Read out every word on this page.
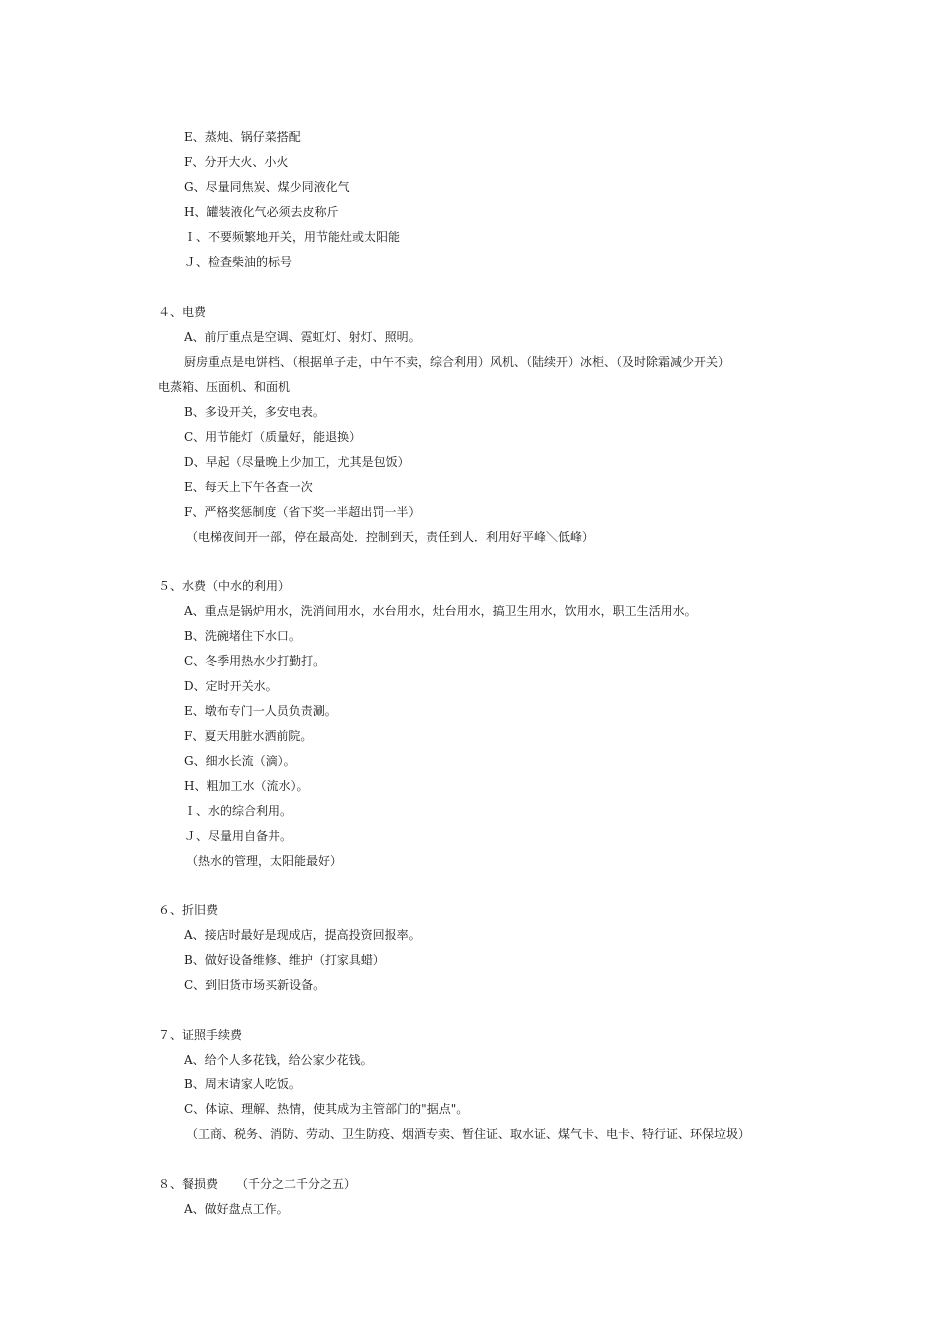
E、蒸炖、锅仔菜搭配
F、分开大火、小火
G、尽量同焦炭、煤少同液化气
H、罐装液化气必须去皮称斤
Ｉ、不要频繁地开关，用节能灶或太阳能
Ｊ、检查柴油的标号
４、电费
A、前厅重点是空调、霓虹灯、射灯、照明。
厨房重点是电饼档、（根据单子走，中午不卖，综合利用）风机、（陆续开）冰柜、（及时除霜减少开关）
电蒸箱、压面机、和面机
B、多设开关，多安电表。
C、用节能灯（质量好，能退换）
D、早起（尽量晚上少加工，尤其是包饭）
E、每天上下午各查一次
F、严格奖惩制度（省下奖一半超出罚一半）
（电梯夜间开一部，停在最高处．控制到天，责任到人．利用好平峰＼低峰）
５、水费（中水的利用）
A、重点是锅炉用水，洗消间用水，水台用水，灶台用水，搞卫生用水，饮用水，职工生活用水。
B、洗碗堵住下水口。
C、冬季用热水少打勤打。
D、定时开关水。
E、墩布专门一人员负责涮。
F、夏天用脏水洒前院。
G、细水长流（滴）。
H、粗加工水（流水）。
Ｉ、水的综合利用。
Ｊ、尽量用自备井。
（热水的管理，太阳能最好）
６、折旧费
A、接店时最好是现成店，提高投资回报率。
B、做好设备维修、维护（打家具蜡）
C、到旧货市场买新设备。
７、证照手续费
A、给个人多花钱，给公家少花钱。
B、周末请家人吃饭。
C、体谅、理解、热情，使其成为主管部门的"据点"。
（工商、税务、消防、劳动、卫生防疫、烟酒专卖、暂住证、取水证、煤气卡、电卡、特行证、环保垃圾）
８、餐损费　　（千分之二千分之五）
A、做好盘点工作。
